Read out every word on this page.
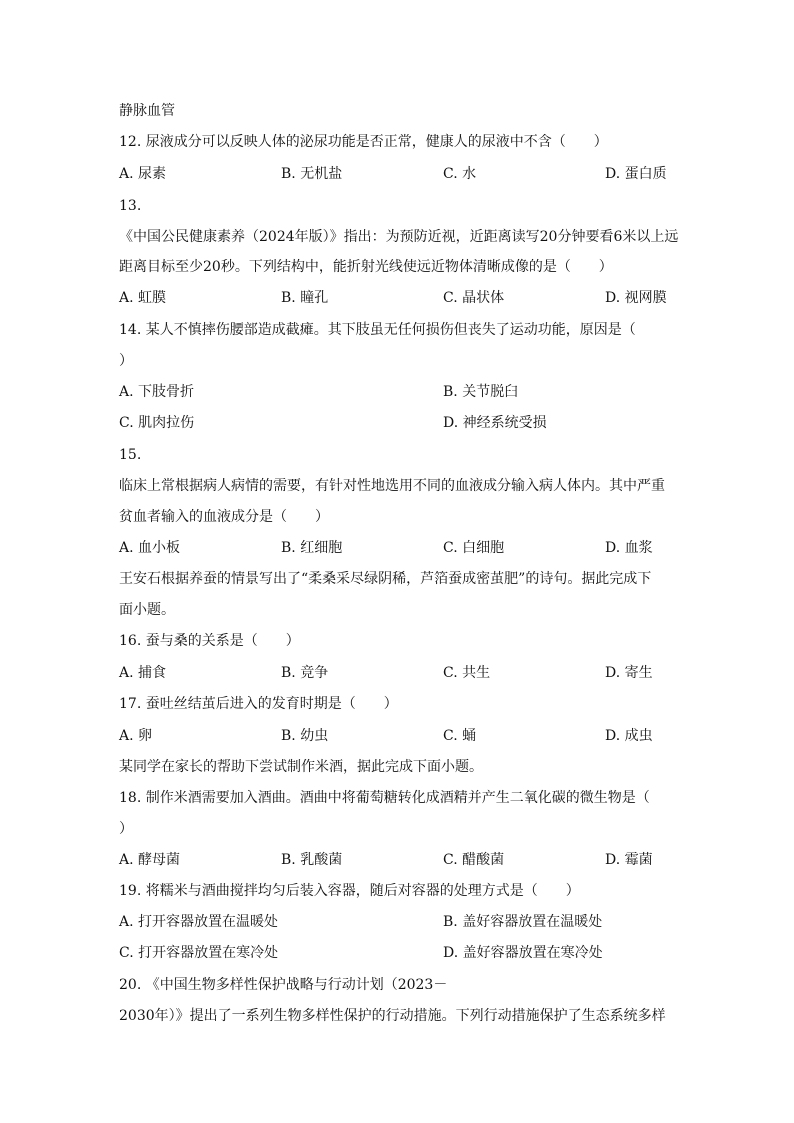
静脉血管
12. 尿液成分可以反映人体的泌尿功能是否正常，健康人的尿液中不含（　　）
A. 尿素	B. 无机盐	C. 水	D. 蛋白质
13.
《中国公民健康素养（2024年版）》指出：为预防近视，近距离读写20分钟要看6米以上远
距离目标至少20秒。下列结构中，能折射光线使远近物体清晰成像的是（　　）
A. 虹膜	B. 瞳孔	C. 晶状体	D. 视网膜
14. 某人不慎摔伤腰部造成截瘫。其下肢虽无任何损伤但丧失了运动功能，原因是（
）
A. 下肢骨折	B. 关节脱臼
C. 肌肉拉伤	D. 神经系统受损
15.
临床上常根据病人病情的需要，有针对性地选用不同的血液成分输入病人体内。其中严重
贫血者输入的血液成分是（　　）
A. 血小板	B. 红细胞	C. 白细胞	D. 血浆
王安石根据养蚕的情景写出了“柔桑采尽绿阴稀，芦箔蚕成密茧肥”的诗句。据此完成下
面小题。
16. 蚕与桑的关系是（　　）
A. 捕食	B. 竞争	C. 共生	D. 寄生
17. 蚕吐丝结茧后进入的发育时期是（　　）
A. 卵	B. 幼虫	C. 蛹	D. 成虫
某同学在家长的帮助下尝试制作米酒，据此完成下面小题。
18. 制作米酒需要加入酒曲。酒曲中将葡萄糖转化成酒精并产生二氧化碳的微生物是（
）
A. 酵母菌	B. 乳酸菌	C. 醋酸菌	D. 霉菌
19. 将糯米与酒曲搅拌均匀后装入容器，随后对容器的处理方式是（　　）
A. 打开容器放置在温暖处	B. 盖好容器放置在温暖处
C. 打开容器放置在寒冷处	D. 盖好容器放置在寒冷处
20. 《中国生物多样性保护战略与行动计划（2023－
2030年）》提出了一系列生物多样性保护的行动措施。下列行动措施保护了生态系统多样
